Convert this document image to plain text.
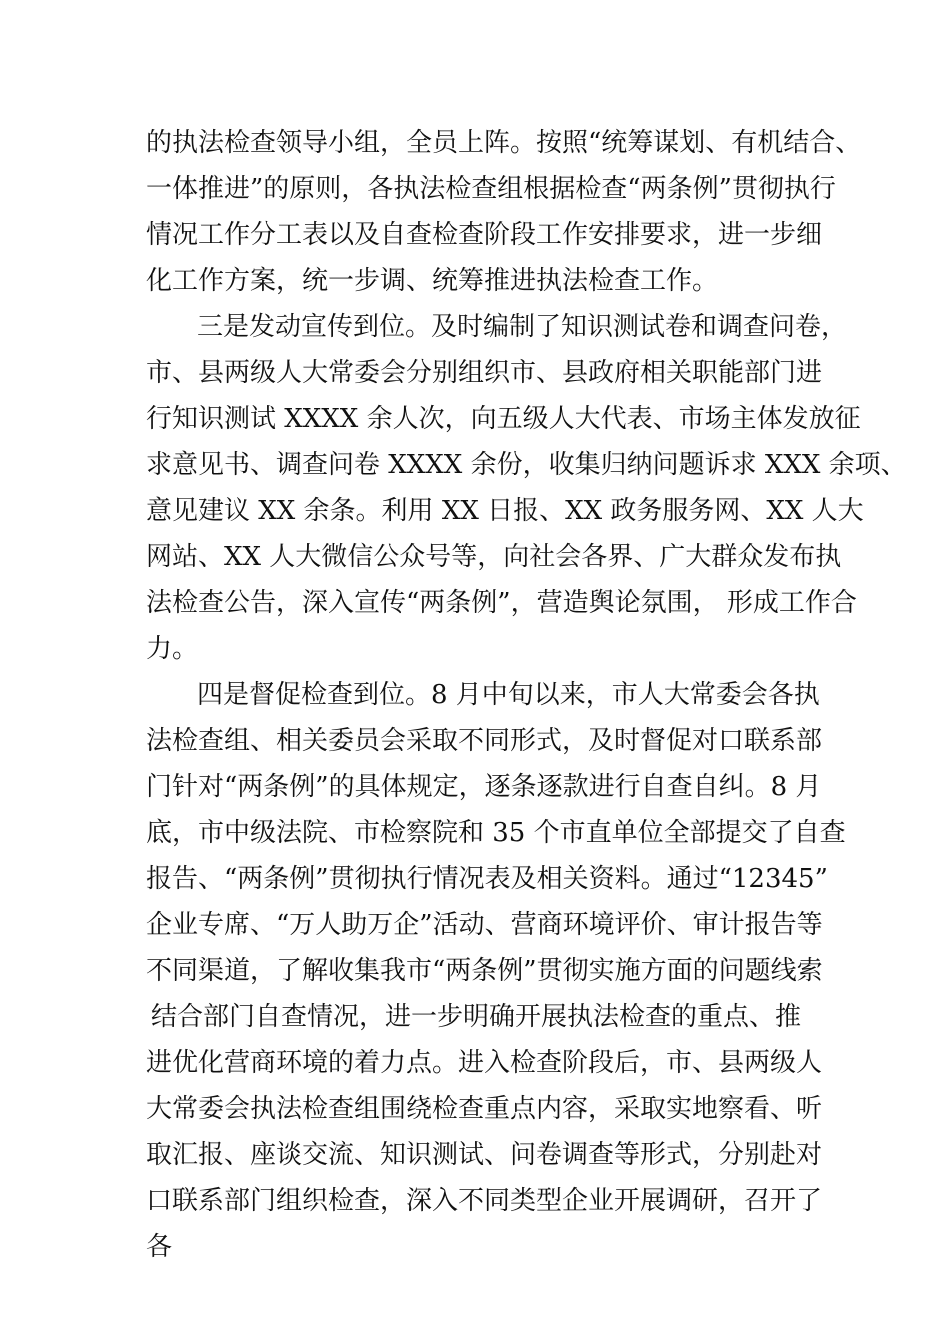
的执法检查领导小组，全员上阵。按照“统筹谋划、有机结合、

一体推进”的原则，各执法检查组根据检查“两条例”贯彻执行

情况工作分工表以及自查检查阶段工作安排要求，进一步细

化工作方案，统一步调、统筹推进执法检查工作。

三是发动宣传到位。及时编制了知识测试卷和调查问卷，

市、县两级人大常委会分别组织市、县政府相关职能部门进

行知识测试 XXXX 余人次，向五级人大代表、市场主体发放征

求意见书、调查问卷 XXXX 余份，收集归纳问题诉求 XXX 余项、

意见建议 XX 余条。利用 XX 日报、XX 政务服务网、XX 人大

网站、XX 人大微信公众号等，向社会各界、广大群众发布执

法检查公告，深入宣传“两条例”，营造舆论氛围， 形成工作合

力。

四是督促检查到位。8 月中旬以来，市人大常委会各执

法检查组、相关委员会采取不同形式，及时督促对口联系部

门针对“两条例”的具体规定，逐条逐款进行自查自纠。8 月

底，市中级法院、市检察院和 35 个市直单位全部提交了自查

报告、“两条例”贯彻执行情况表及相关资料。通过“12345”

企业专席、“万人助万企”活动、营商环境评价、审计报告等

不同渠道，了解收集我市“两条例”贯彻实施方面的问题线索

结合部门自查情况，进一步明确开展执法检查的重点、推

进优化营商环境的着力点。进入检查阶段后，市、县两级人

大常委会执法检查组围绕检查重点内容，采取实地察看、听

取汇报、座谈交流、知识测试、问卷调查等形式，分别赴对

口联系部门组织检查，深入不同类型企业开展调研，召开了

各
